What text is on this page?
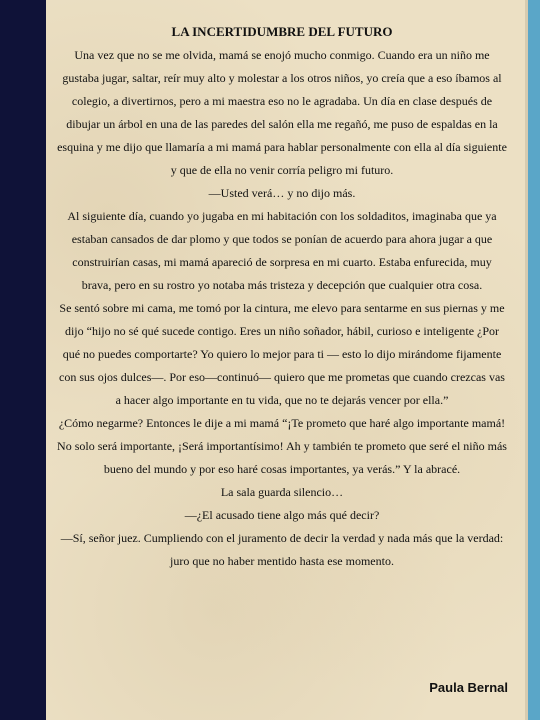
LA INCERTIDUMBRE DEL FUTURO

Una vez que no se me olvida, mamá se enojó mucho conmigo. Cuando era un niño me gustaba jugar, saltar, reír muy alto y molestar a los otros niños, yo creía que a eso íbamos al colegio, a divertirnos, pero a mi maestra eso no le agradaba. Un día en clase después de dibujar un árbol en una de las paredes del salón ella me regañó, me puso de espaldas en la esquina y me dijo que llamaría a mi mamá para hablar personalmente con ella al día siguiente y que de ella no venir corría peligro mi futuro.

—Usted verá… y no dijo más.

Al siguiente día, cuando yo jugaba en mi habitación con los soldaditos, imaginaba que ya estaban cansados de dar plomo y que todos se ponían de acuerdo para ahora jugar a que construirían casas, mi mamá apareció de sorpresa en mi cuarto. Estaba enfurecida, muy brava, pero en su rostro yo notaba más tristeza y decepción que cualquier otra cosa.

Se sentó sobre mi cama, me tomó por la cintura, me elevo para sentarme en sus piernas y me dijo “hijo no sé qué sucede contigo. Eres un niño soñador, hábil, curioso e inteligente ¿Por qué no puedes comportarte? Yo quiero lo mejor para ti — esto lo dijo mirándome fijamente con sus ojos dulces—. Por eso—continuó— quiero que me prometas que cuando crezcas vas a hacer algo importante en tu vida, que no te dejarás vencer por ella.”

¿Cómo negarme? Entonces le dije a mi mamá “¡Te prometo que haré algo importante mamá! No solo será importante, ¡Será importantísimo! Ah y también te prometo que seré el niño más bueno del mundo y por eso haré cosas importantes, ya verás.” Y la abracé.

La sala guarda silencio…

—¿El acusado tiene algo más qué decir?

—Sí, señor juez. Cumpliendo con el juramento de decir la verdad y nada más que la verdad: juro que no haber mentido hasta ese momento.

Paula Bernal
